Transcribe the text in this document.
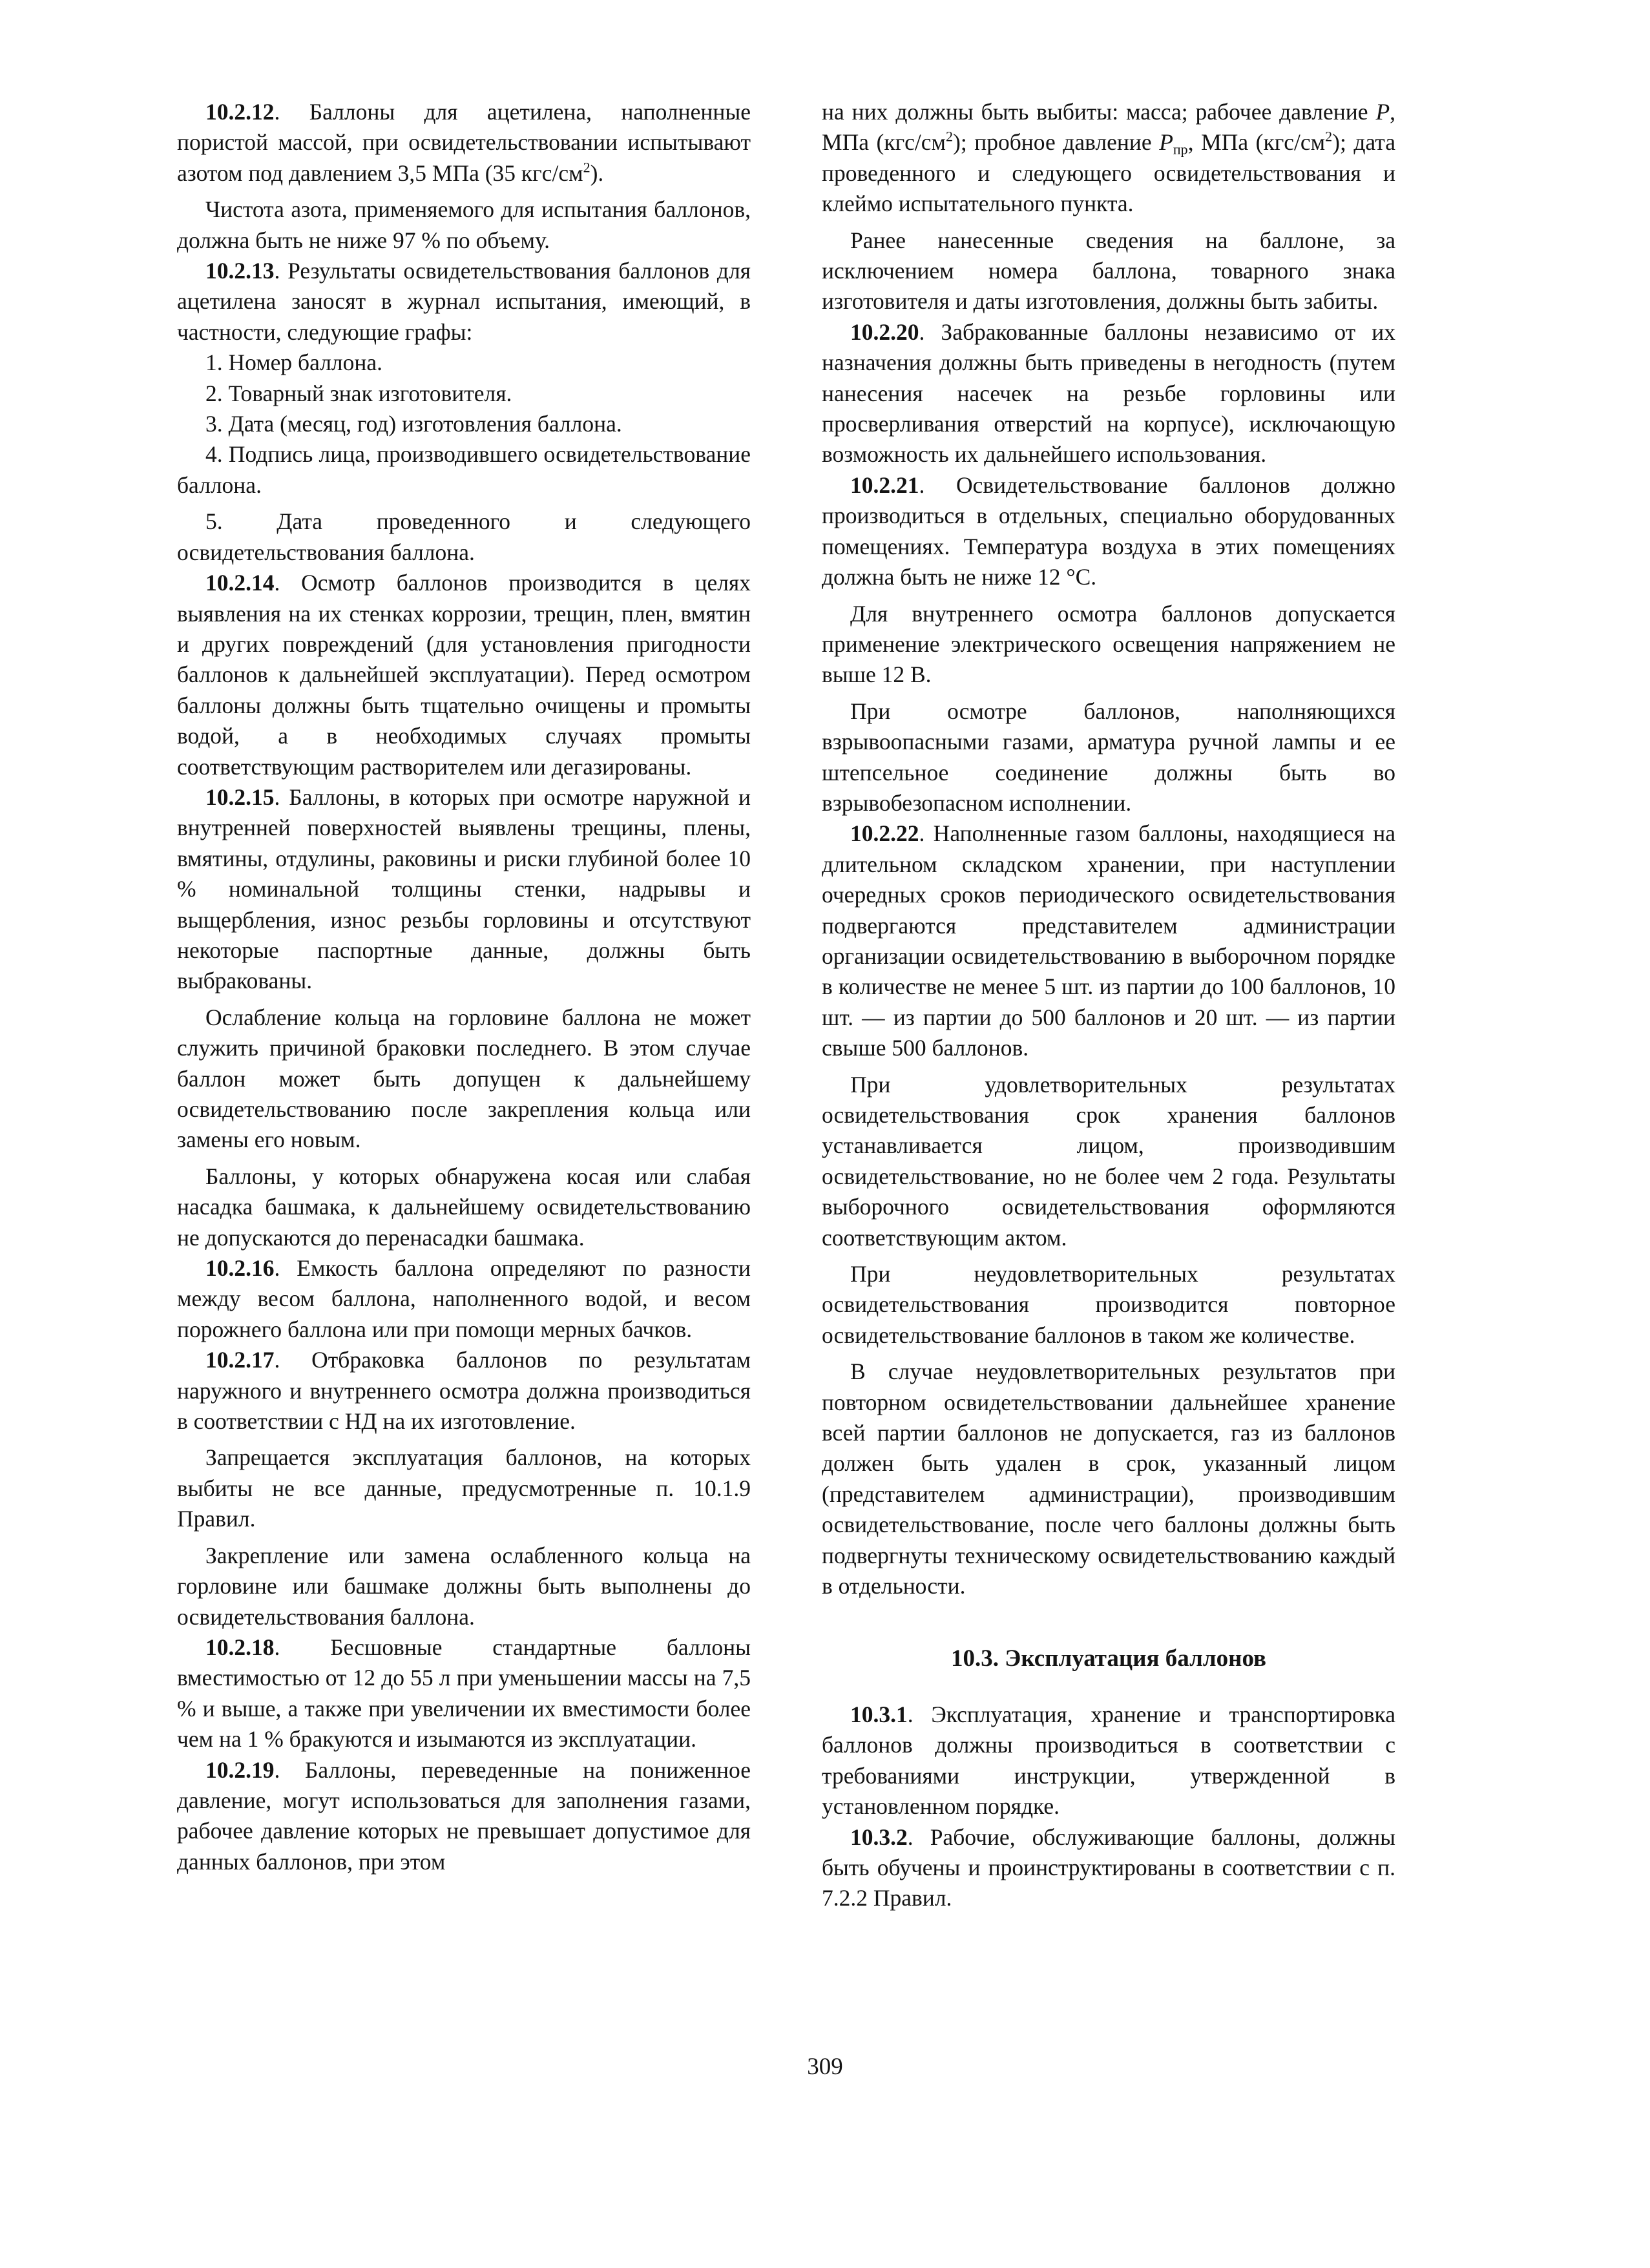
10.2.12. Баллоны для ацетилена, наполненные пористой массой, при освидетельствовании испытывают азотом под давлением 3,5 МПа (35 кгс/$см^2$).

Чистота азота, применяемого для испытания баллонов, должна быть не ниже 97 % по объему.

10.2.13. Результаты освидетельствования баллонов для ацетилена заносят в журнал испытания, имеющий, в частности, следующие графы:

1. Номер баллона.

2. Товарный знак изготовителя.

3. Дата (месяц, год) изготовления баллона.

4. Подпись лица, производившего освидетельствование баллона.

5. Дата проведенного и следующего освидетельствования баллона.

10.2.14. Осмотр баллонов производится в целях выявления на их стенках коррозии, трещин, плен, вмятин и других повреждений (для установления пригодности баллонов к дальнейшей эксплуатации). Перед осмотром баллоны должны быть тщательно очищены и промыты водой, а в необходимых случаях промыты соответствующим растворителем или дегазированы.

10.2.15. Баллоны, в которых при осмотре наружной и внутренней поверхностей выявлены трещины, плены, вмятины, отдулины, раковины и риски глубиной более 10 % номинальной толщины стенки, надрывы и выщербления, износ резьбы горловины и отсутствуют некоторые паспортные данные, должны быть выбракованы.

Ослабление кольца на горловине баллона не может служить причиной браковки последнего. В этом случае баллон может быть допущен к дальнейшему освидетельствованию после закрепления кольца или замены его новым.

Баллоны, у которых обнаружена косая или слабая насадка башмака, к дальнейшему освидетельствованию не допускаются до перенасадки башмака.

10.2.16. Емкость баллона определяют по разности между весом баллона, наполненного водой, и весом порожнего баллона или при помощи мерных бачков.

10.2.17. Отбраковка баллонов по результатам наружного и внутреннего осмотра должна производиться в соответствии с НД на их изготовление.

Запрещается эксплуатация баллонов, на которых выбиты не все данные, предусмотренные п. 10.1.9 Правил.

Закрепление или замена ослабленного кольца на горловине или башмаке должны быть выполнены до освидетельствования баллона.

10.2.18. Бесшовные стандартные баллоны вместимостью от 12 до 55 л при уменьшении массы на 7,5 % и выше, а также при увеличении их вместимости более чем на 1 % бракуются и изымаются из эксплуатации.

10.2.19. Баллоны, переведенные на пониженное давление, могут использоваться для заполнения газами, рабочее давление которых не превышает допустимое для данных баллонов, при этом

на них должны быть выбиты: масса; рабочее давление P, МПа $(кгс/см^2)$; пробное давление $P_{пр}$, МПа $(кгс/см^2)$; дата проведенного и следующего освидетельствования и клеймо испытательного пункта.

Ранее нанесенные сведения на баллоне, за исключением номера баллона, товарного знака изготовителя и даты изготовления, должны быть забиты.

10.2.20. Забракованные баллоны независимо от их назначения должны быть приведены в негодность (путем нанесения насечек на резьбе горловины или просверливания отверстий на корпусе), исключающую возможность их дальнейшего использования.

10.2.21. Освидетельствование баллонов должно производиться в отдельных, специально оборудованных помещениях. Температура воздуха в этих помещениях должна быть не ниже 12 °С.

Для внутреннего осмотра баллонов допускается применение электрического освещения напряжением не выше 12 В.

При осмотре баллонов, наполняющихся взрывоопасными газами, арматура ручной лампы и ее штепсельное соединение должны быть во взрывобезопасном исполнении.

10.2.22. Наполненные газом баллоны, находящиеся на длительном складском хранении, при наступлении очередных сроков периодического освидетельствования подвергаются представителем администрации организации освидетельствованию в выборочном порядке в количестве не менее 5 шт. из партии до 100 баллонов, 10 шт. — из партии до 500 баллонов и 20 шт. — из партии свыше 500 баллонов.

При удовлетворительных результатах освидетельствования срок хранения баллонов устанавливается лицом, производившим освидетельствование, но не более чем 2 года. Результаты выборочного освидетельствования оформляются соответствующим актом.

При неудовлетворительных результатах освидетельствования производится повторное освидетельствование баллонов в таком же количестве.

В случае неудовлетворительных результатов при повторном освидетельствовании дальнейшее хранение всей партии баллонов не допускается, газ из баллонов должен быть удален в срок, указанный лицом (представителем администрации), производившим освидетельствование, после чего баллоны должны быть подвергнуты техническому освидетельствованию каждый в отдельности.

10.3. Эксплуатация баллонов

10.3.1. Эксплуатация, хранение и транспортировка баллонов должны производиться в соответствии с требованиями инструкции, утвержденной в установленном порядке.

10.3.2. Рабочие, обслуживающие баллоны, должны быть обучены и проинструктированы в соответствии с п. 7.2.2 Правил.

309
